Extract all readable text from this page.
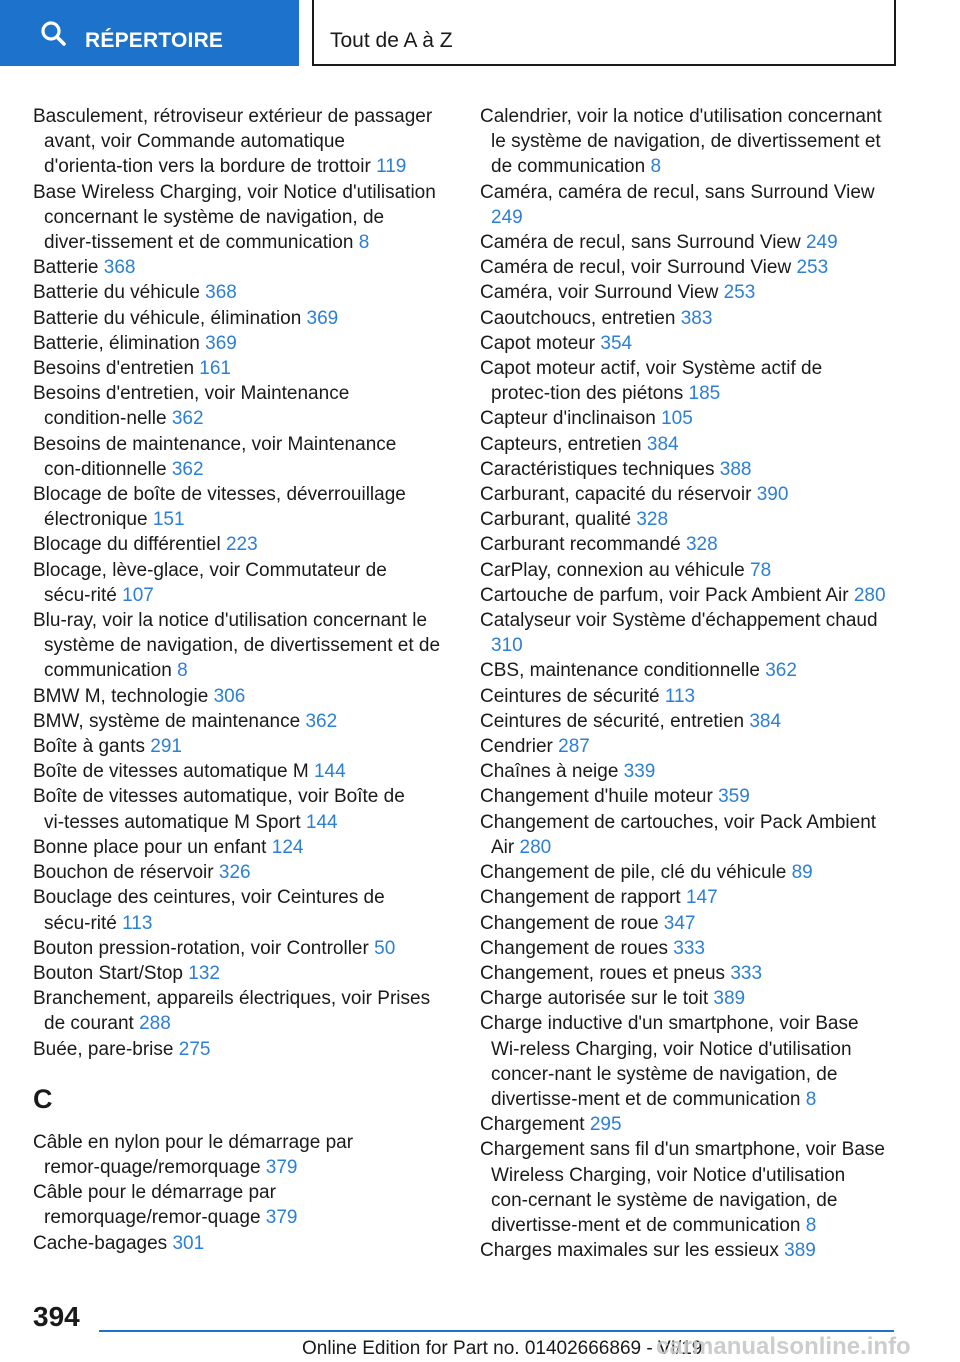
RÉPERTOIRE	Tout de A à Z
Basculement, rétroviseur extérieur de passager avant, voir Commande automatique d'orienta‑tion vers la bordure de trottoir 119
Base Wireless Charging, voir Notice d'utilisation concernant le système de navigation, de diver‑tissement et de communication 8
Batterie 368
Batterie du véhicule 368
Batterie du véhicule, élimination 369
Batterie, élimination 369
Besoins d'entretien 161
Besoins d'entretien, voir Maintenance condition‑nelle 362
Besoins de maintenance, voir Maintenance con‑ditionnelle 362
Blocage de boîte de vitesses, déverrouillage électronique 151
Blocage du différentiel 223
Blocage, lève-glace, voir Commutateur de sécu‑rité 107
Blu-ray, voir la notice d'utilisation concernant le système de navigation, de divertissement et de communication 8
BMW M, technologie 306
BMW, système de maintenance 362
Boîte à gants 291
Boîte de vitesses automatique M 144
Boîte de vitesses automatique, voir Boîte de vi‑tesses automatique M Sport 144
Bonne place pour un enfant 124
Bouchon de réservoir 326
Bouclage des ceintures, voir Ceintures de sécu‑rité 113
Bouton pression-rotation, voir Controller 50
Bouton Start/Stop 132
Branchement, appareils électriques, voir Prises de courant 288
Buée, pare-brise 275
C
Câble en nylon pour le démarrage par remor‑quage/remorquage 379
Câble pour le démarrage par remorquage/remor‑quage 379
Cache-bagages 301
Calendrier, voir la notice d'utilisation concernant le système de navigation, de divertissement et de communication 8
Caméra, caméra de recul, sans Surround View 249
Caméra de recul, sans Surround View 249
Caméra de recul, voir Surround View 253
Caméra, voir Surround View 253
Caoutchoucs, entretien 383
Capot moteur 354
Capot moteur actif, voir Système actif de protec‑tion des piétons 185
Capteur d'inclinaison 105
Capteurs, entretien 384
Caractéristiques techniques 388
Carburant, capacité du réservoir 390
Carburant, qualité 328
Carburant recommandé 328
CarPlay, connexion au véhicule 78
Cartouche de parfum, voir Pack Ambient Air 280
Catalyseur voir Système d'échappement chaud 310
CBS, maintenance conditionnelle 362
Ceintures de sécurité 113
Ceintures de sécurité, entretien 384
Cendrier 287
Chaînes à neige 339
Changement d'huile moteur 359
Changement de cartouches, voir Pack Ambient Air 280
Changement de pile, clé du véhicule 89
Changement de rapport 147
Changement de roue 347
Changement de roues 333
Changement, roues et pneus 333
Charge autorisée sur le toit 389
Charge inductive d'un smartphone, voir Base Wi‑reless Charging, voir Notice d'utilisation concer‑nant le système de navigation, de divertisse‑ment et de communication 8
Chargement 295
Chargement sans fil d'un smartphone, voir Base Wireless Charging, voir Notice d'utilisation con‑cernant le système de navigation, de divertisse‑ment et de communication 8
Charges maximales sur les essieux 389
394
Online Edition for Part no. 01402666869 - VI/19
carmanualsonline.info
